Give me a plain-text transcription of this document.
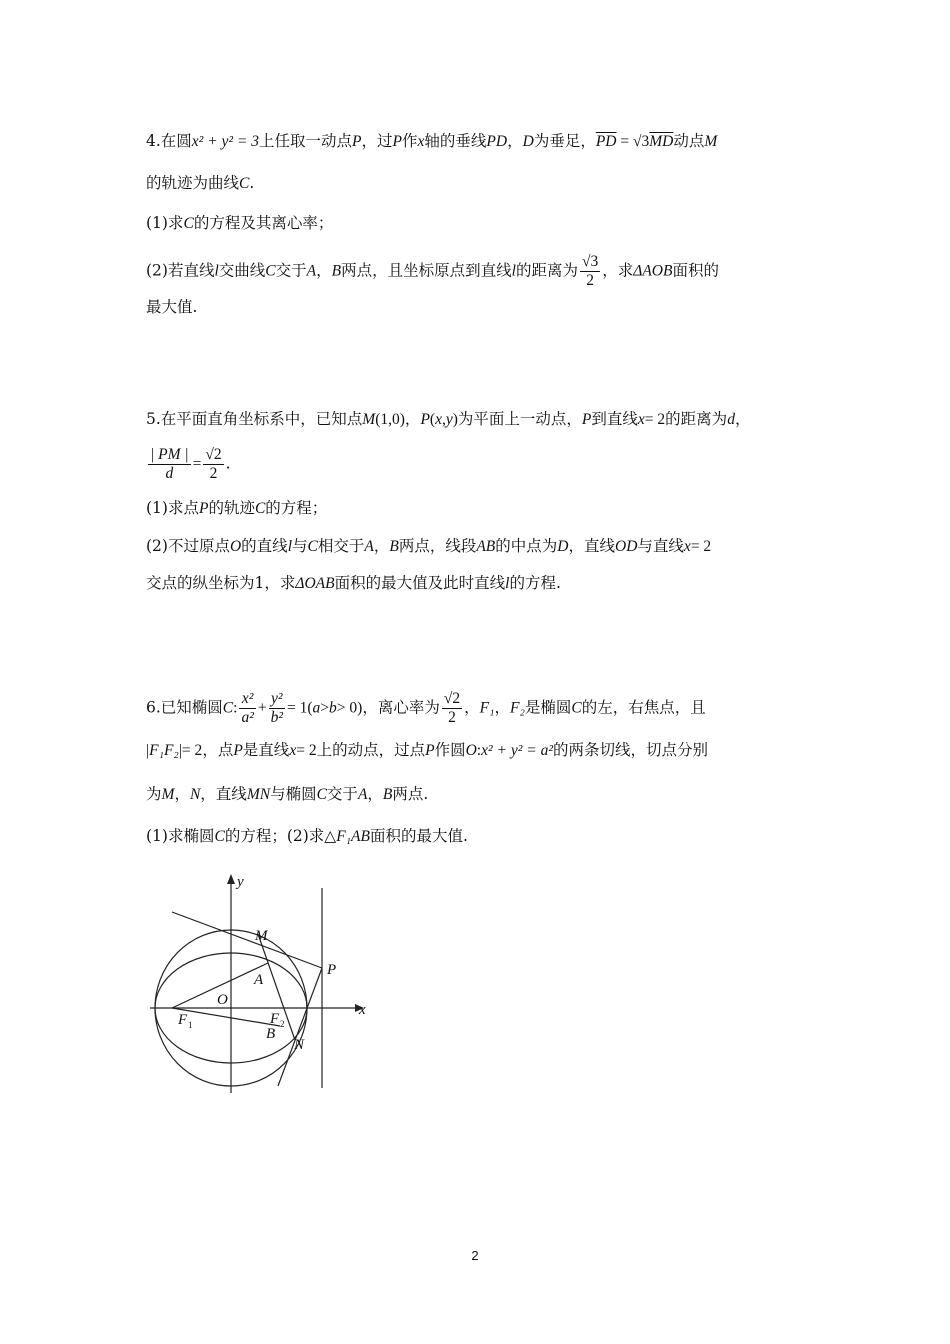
4.在圆x² + y² = 3上任取一动点P，过P作x轴的垂线PD，D为垂足，$\overline{PD} = √3\overline{MD}$动点M
的轨迹为曲线C.
(1)求C的方程及其离心率；
(2)若直线l交曲线C交于A，B两点，且坐标原点到直线l的距离为 $\frac{√3}{2}$ ，求ΔAOB面积的
最大值.
5.在平面直角坐标系中，已知点M(1,0)，P(x,y)为平面上一动点，P到直线x= 2的距离为d，
$\frac{| PM |}{d} = \frac{√2}{2}$ .
(1)求点P的轨迹C的方程；
(2)不过原点O的直线l与C相交于A，B两点，线段AB的中点为D，直线OD与直线x= 2
交点的纵坐标为1，求ΔOAB面积的最大值及此时直线l的方程.
6.已知椭圆C: $\frac{\text{x²}}{\text{a²}} + \frac{\text{y²}}{\text{b²}} = 1(a>b> 0)$，离心率为 $\frac{√2}{2}$ ，F₁，F₂是椭圆C的左，右焦点，且
|F₁F₂|= 2，点P是直线x= 2上的动点，过点P作圆O:x² + y² = a²的两条切线，切点分别
为M，N，直线MN与椭圆C交于A，B两点.
(1)求椭圆C的方程；(2)求△F₁AB面积的最大值.
y
x
M
P
A
O
F 1	F 2
B
N
2
